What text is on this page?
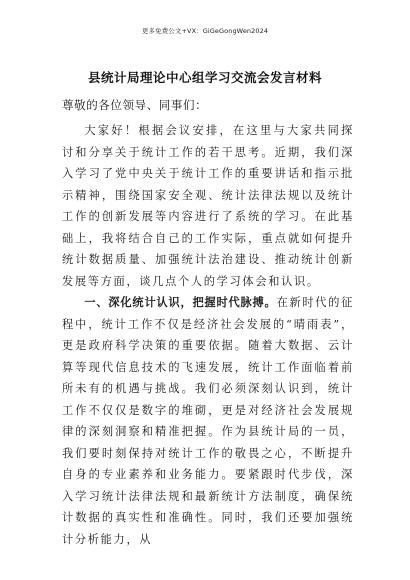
更多免费公文+VX：GiGeGongWen2024
县统计局理论中心组学习交流会发言材料
尊敬的各位领导、同事们：

大家好！根据会议安排，在这里与大家共同探讨和分享关于统计工作的若干思考。近期，我们深入学习了党中央关于统计工作的重要讲话和指示批示精神，围绕国家安全观、统计法律法规以及统计工作的创新发展等内容进行了系统的学习。在此基础上，我将结合自己的工作实际，重点就如何提升统计数据质量、加强统计法治建设、推动统计创新发展等方面，谈几点个人的学习体会和认识。

一、深化统计认识，把握时代脉搏。在新时代的征程中，统计工作不仅是经济社会发展的“晴雨表”，更是政府科学决策的重要依据。随着大数据、云计算等现代信息技术的飞速发展，统计工作面临着前所未有的机遇与挑战。我们必须深刻认识到，统计工作不仅仅是数字的堆砌，更是对经济社会发展规律的深刻洞察和精准把握。作为县统计局的一员，我们要时刻保持对统计工作的敬畏之心，不断提升自身的专业素养和业务能力。要紧跟时代步伐，深入学习统计法律法规和最新统计方法制度，确保统计数据的真实性和准确性。同时，我们还要加强统计分析能力，从
